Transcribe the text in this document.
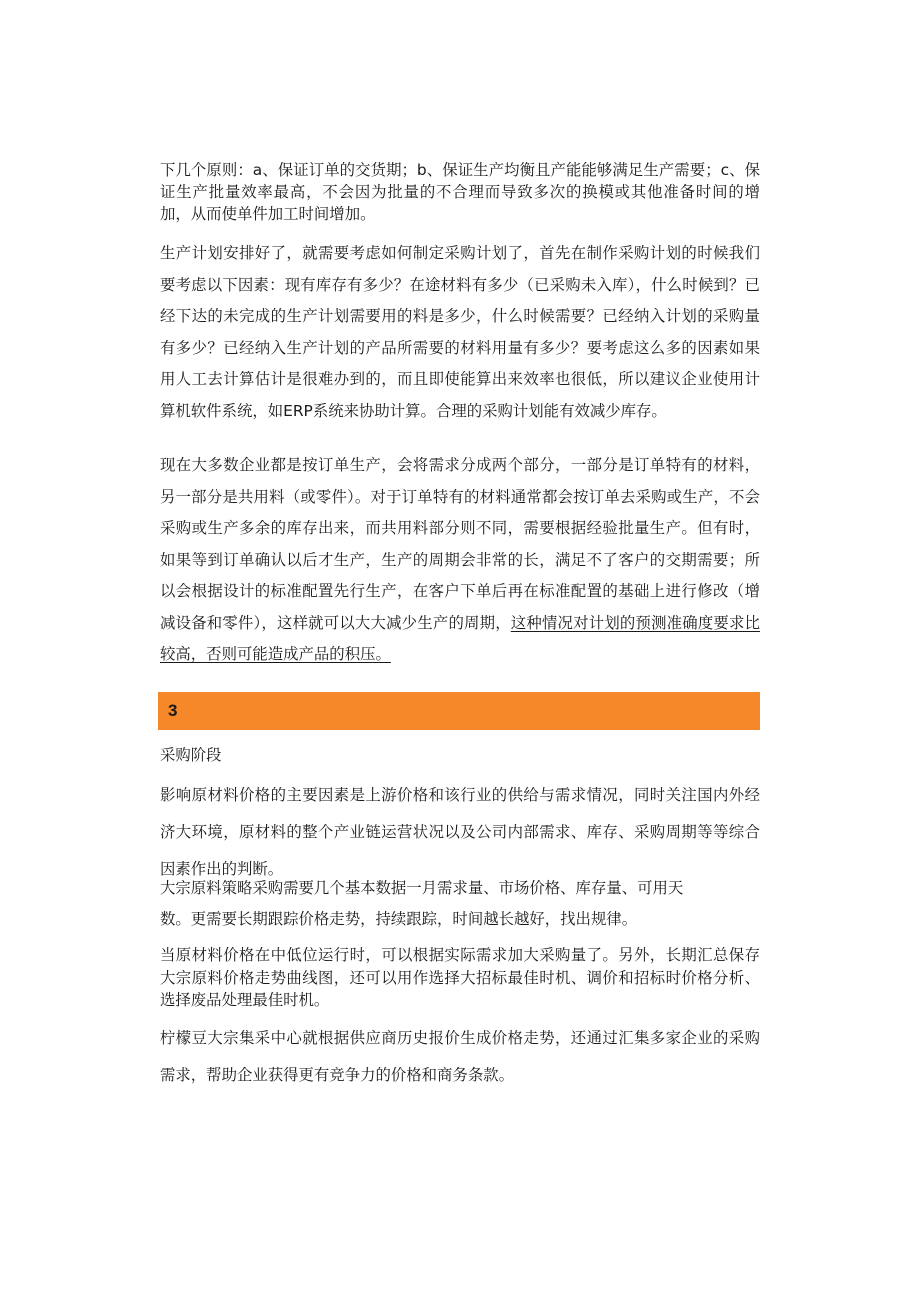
下几个原则：a、保证订单的交货期；b、保证生产均衡且产能能够满足生产需要；c、保证生产批量效率最高，不会因为批量的不合理而导致多次的换模或其他准备时间的增加，从而使单件加工时间增加。

生产计划安排好了，就需要考虑如何制定采购计划了，首先在制作采购计划的时候我们要考虑以下因素：现有库存有多少？在途材料有多少（已采购未入库），什么时候到？已经下达的未完成的生产计划需要用的料是多少，什么时候需要？已经纳入计划的采购量有多少？已经纳入生产计划的产品所需要的材料用量有多少？要考虑这么多的因素如果用人工去计算估计是很难办到的，而且即使能算出来效率也很低，所以建议企业使用计算机软件系统，如ERP系统来协助计算。合理的采购计划能有效减少库存。

现在大多数企业都是按订单生产，会将需求分成两个部分，一部分是订单特有的材料，另一部分是共用料（或零件）。对于订单特有的材料通常都会按订单去采购或生产，不会采购或生产多余的库存出来，而共用料部分则不同，需要根据经验批量生产。但有时，如果等到订单确认以后才生产，生产的周期会非常的长，满足不了客户的交期需要；所以会根据设计的标准配置先行生产，在客户下单后再在标准配置的基础上进行修改（增减设备和零件），这样就可以大大减少生产的周期，这种情况对计划的预测准确度要求比较高，否则可能造成产品的积压。

3

采购阶段

影响原材料价格的主要因素是上游价格和该行业的供给与需求情况，同时关注国内外经济大环境，原材料的整个产业链运营状况以及公司内部需求、库存、采购周期等等综合因素作出的判断。

大宗原料策略采购需要几个基本数据一月需求量、市场价格、库存量、可用天

数。更需要长期跟踪价格走势，持续跟踪，时间越长越好，找出规律。

当原材料价格在中低位运行时，可以根据实际需求加大采购量了。另外，长期汇总保存大宗原料价格走势曲线图，还可以用作选择大招标最佳时机、调价和招标时价格分析、选择废品处理最佳时机。

柠檬豆大宗集采中心就根据供应商历史报价生成价格走势，还通过汇集多家企业的采购需求，帮助企业获得更有竞争力的价格和商务条款。
